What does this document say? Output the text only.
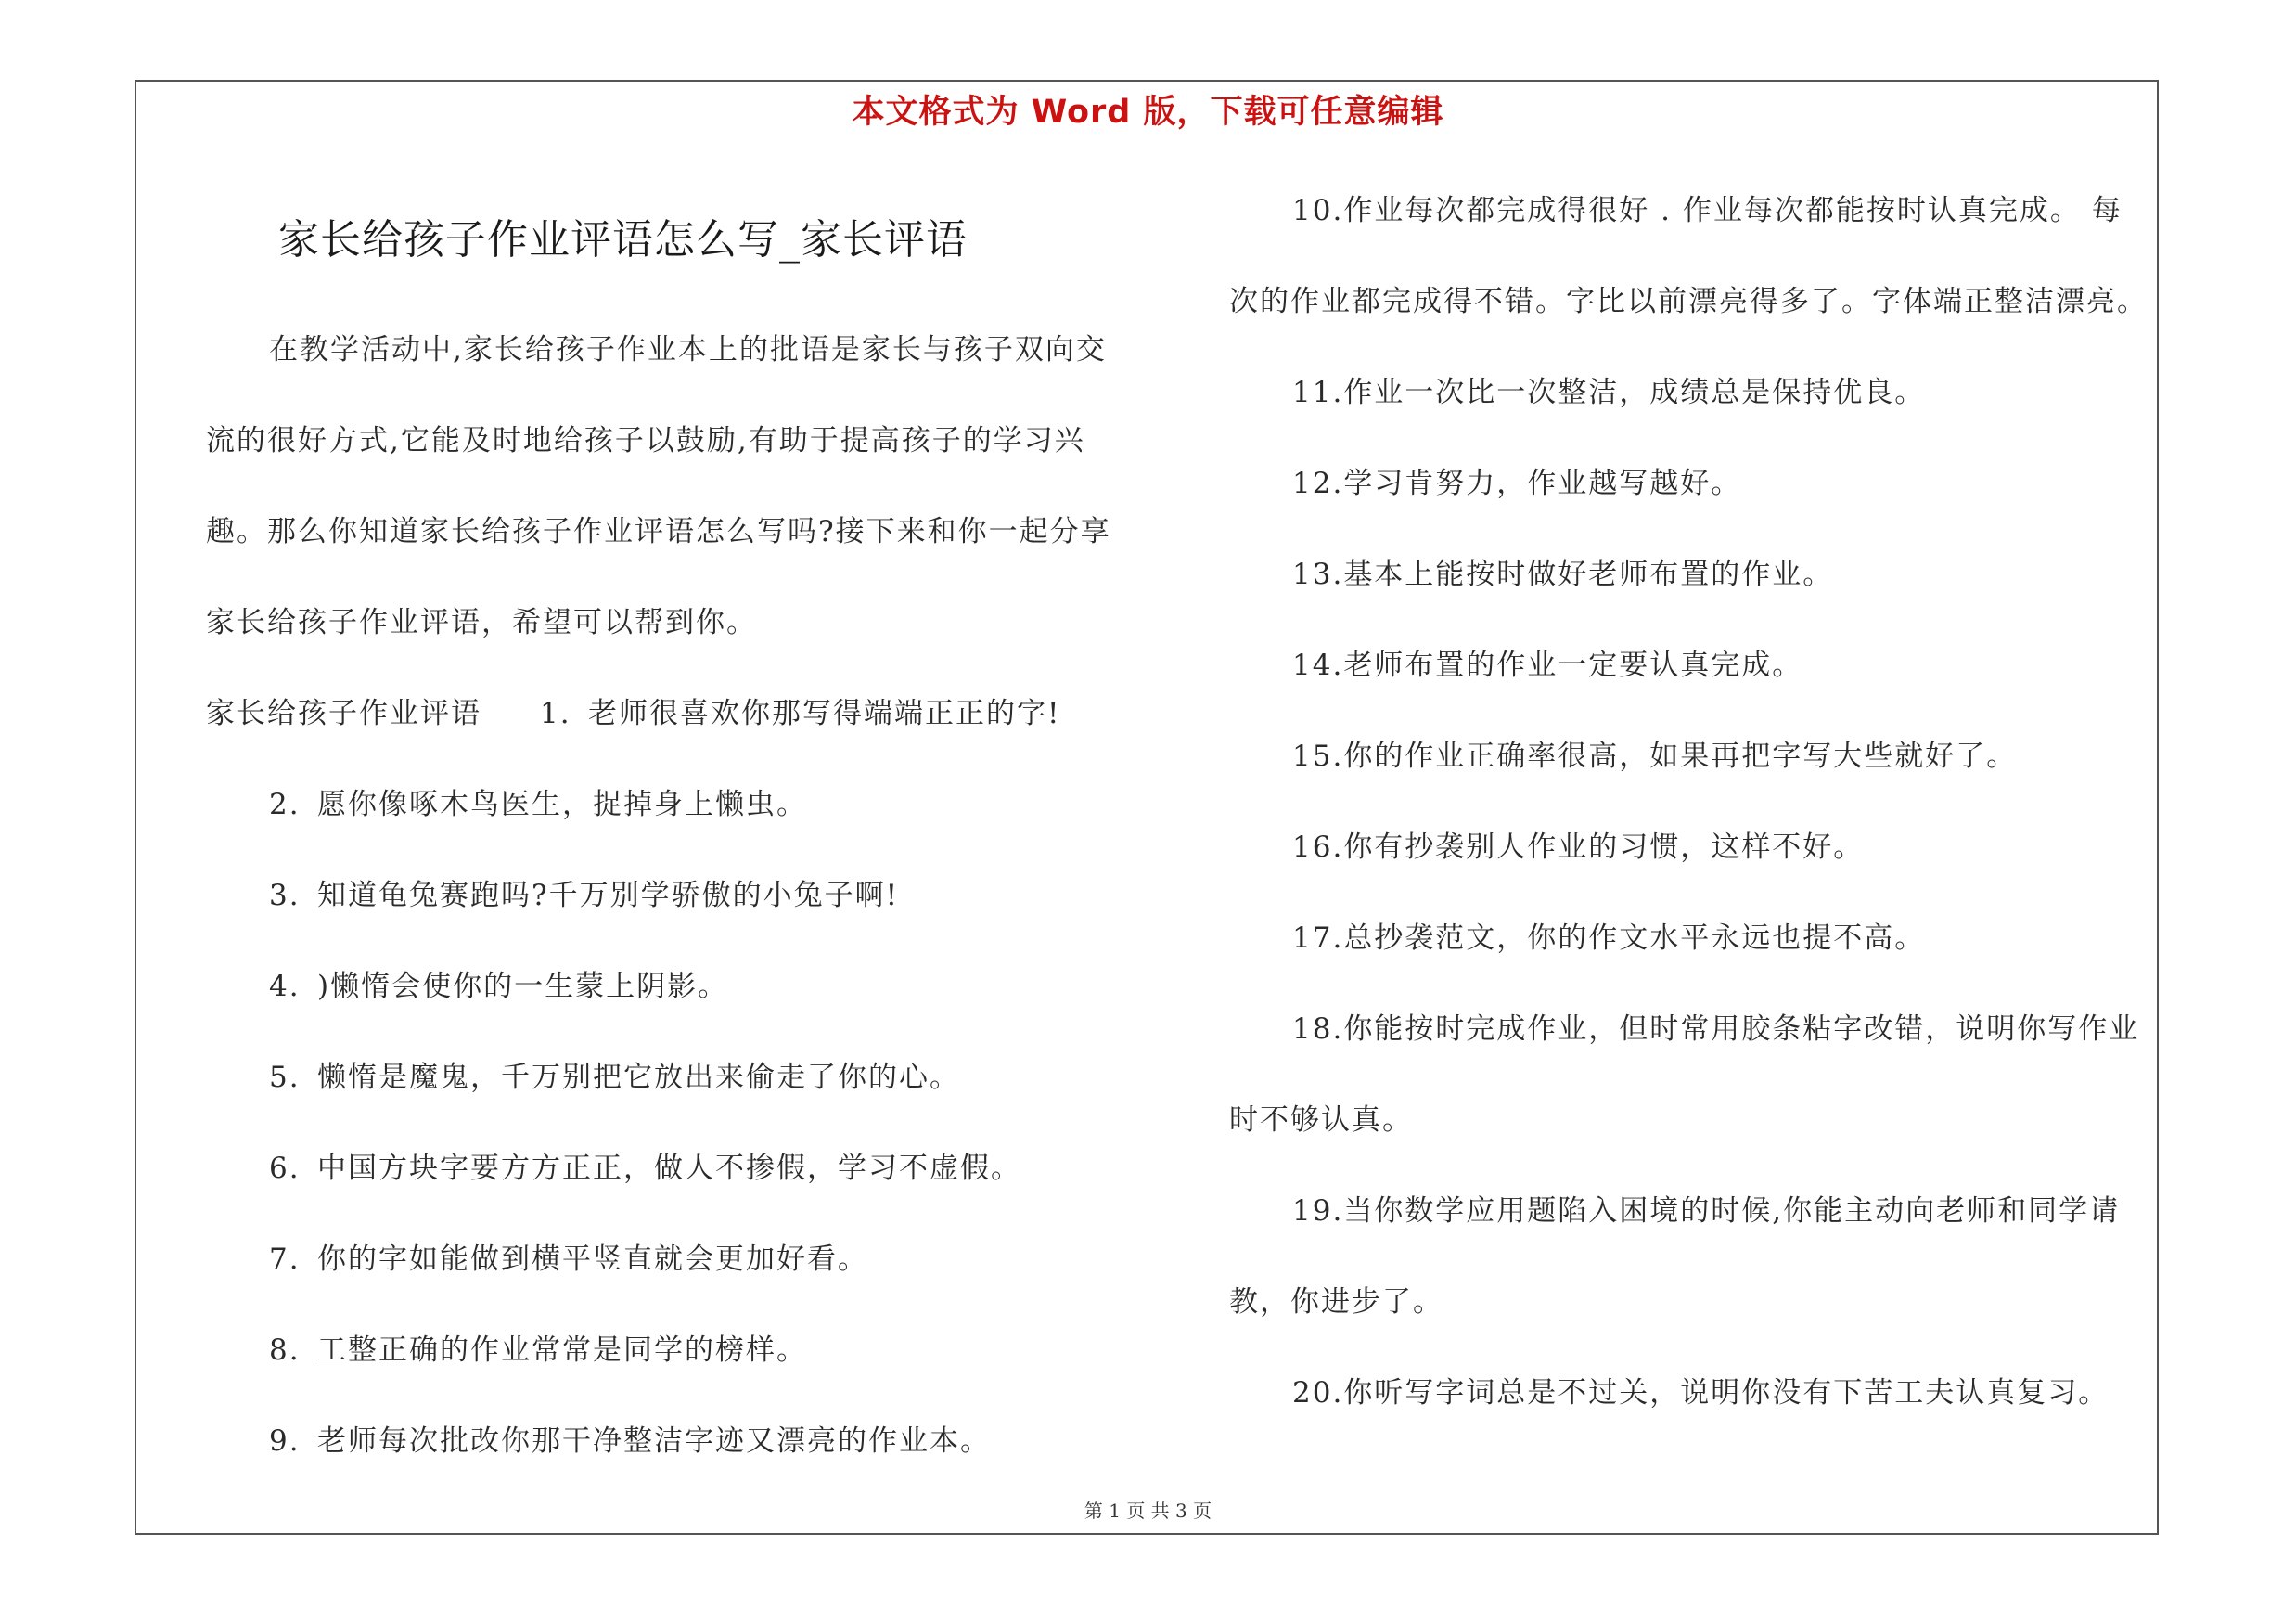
本文格式为 Word 版，下载可任意编辑
家长给孩子作业评语怎么写_家长评语
在教学活动中,家长给孩子作业本上的批语是家长与孩子双向交
流的很好方式,它能及时地给孩子以鼓励,有助于提高孩子的学习兴
趣。那么你知道家长给孩子作业评语怎么写吗?接下来和你一起分享
家长给孩子作业评语，希望可以帮到你。
家长给孩子作业评语 1. 老师很喜欢你那写得端端正正的字!
2. 愿你像啄木鸟医生，捉掉身上懒虫。
3. 知道龟兔赛跑吗?千万别学骄傲的小兔子啊!
4. )懒惰会使你的一生蒙上阴影。
5. 懒惰是魔鬼，千万别把它放出来偷走了你的心。
6. 中国方块字要方方正正，做人不掺假，学习不虚假。
7. 你的字如能做到横平竖直就会更加好看。
8. 工整正确的作业常常是同学的榜样。
9. 老师每次批改你那干净整洁字迹又漂亮的作业本。
10.作业每次都完成得很好 . 作业每次都能按时认真完成。 每
次的作业都完成得不错。字比以前漂亮得多了。字体端正整洁漂亮。
11.作业一次比一次整洁，成绩总是保持优良。
12.学习肯努力，作业越写越好。
13.基本上能按时做好老师布置的作业。
14.老师布置的作业一定要认真完成。
15.你的作业正确率很高，如果再把字写大些就好了。
16.你有抄袭别人作业的习惯，这样不好。
17.总抄袭范文，你的作文水平永远也提不高。
18.你能按时完成作业，但时常用胶条粘字改错，说明你写作业
时不够认真。
19.当你数学应用题陷入困境的时候,你能主动向老师和同学请
教，你进步了。
20.你听写字词总是不过关，说明你没有下苦工夫认真复习。
第 1 页 共 3 页
